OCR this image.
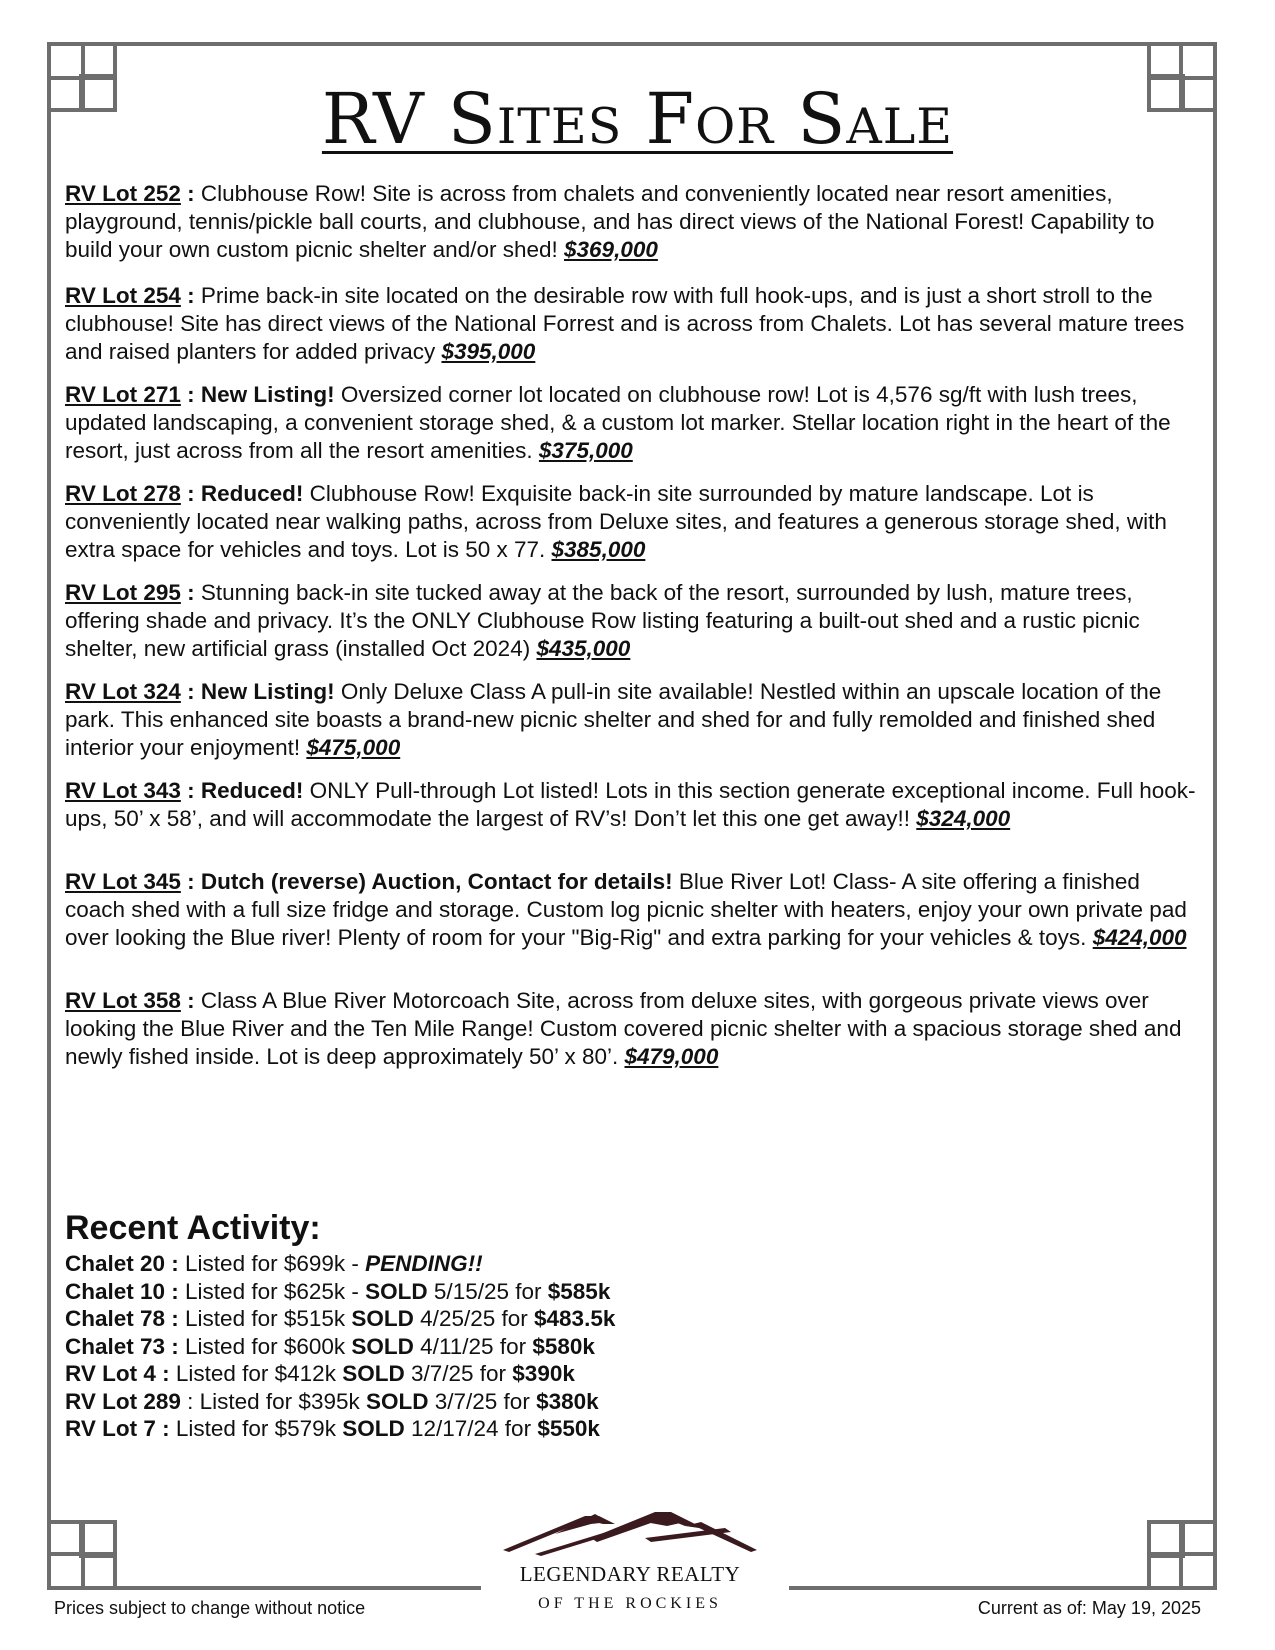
RV Sites For Sale

RV Lot 252 : Clubhouse Row! Site is across from chalets and conveniently located near resort amenities, playground, tennis/pickle ball courts, and clubhouse, and has direct views of the National Forest! Capability to build your own custom picnic shelter and/or shed! $369,000

RV Lot 254 : Prime back-in site located on the desirable row with full hook-ups, and is just a short stroll to the clubhouse! Site has direct views of the National Forrest and is across from Chalets. Lot has several mature trees and raised planters for added privacy $395,000

RV Lot 271 : New Listing! Oversized corner lot located on clubhouse row! Lot is 4,576 sg/ft with lush trees, updated landscaping, a convenient storage shed, & a custom lot marker. Stellar location right in the heart of the resort, just across from all the resort amenities. $375,000

RV Lot 278 : Reduced! Clubhouse Row! Exquisite back-in site surrounded by mature landscape. Lot is conveniently located near walking paths, across from Deluxe sites, and features a generous storage shed, with extra space for vehicles and toys. Lot is 50 x 77. $385,000

RV Lot 295 : Stunning back-in site tucked away at the back of the resort, surrounded by lush, mature trees, offering shade and privacy. It’s the ONLY Clubhouse Row listing featuring a built-out shed and a rustic picnic shelter, new artificial grass (installed Oct 2024) $435,000

RV Lot 324 : New Listing! Only Deluxe Class A pull-in site available! Nestled within an upscale location of the park. This enhanced site boasts a brand-new picnic shelter and shed for and fully remolded and finished shed interior your enjoyment! $475,000

RV Lot 343 : Reduced! ONLY Pull-through Lot listed! Lots in this section generate exceptional income. Full hook-ups, 50’ x 58’, and will accommodate the largest of RV’s! Don’t let this one get away!! $324,000

RV Lot 345 : Dutch (reverse) Auction, Contact for details! Blue River Lot! Class- A site offering a finished coach shed with a full size fridge and storage. Custom log picnic shelter with heaters, enjoy your own private pad over looking the Blue river! Plenty of room for your "Big-Rig" and extra parking for your vehicles & toys. $424,000

RV Lot 358 : Class A Blue River Motorcoach Site, across from deluxe sites, with gorgeous private views over looking the Blue River and the Ten Mile Range! Custom covered picnic shelter with a spacious storage shed and newly fished inside. Lot is deep approximately 50’ x 80’. $479,000

Recent Activity:
Chalet 20 : Listed for $699k - PENDING!!
Chalet 10 : Listed for $625k - SOLD 5/15/25 for $585k
Chalet 78 : Listed for $515k SOLD 4/25/25 for $483.5k
Chalet 73 : Listed for $600k SOLD 4/11/25 for $580k
RV Lot 4 : Listed for $412k SOLD 3/7/25 for $390k
RV Lot 289 : Listed for $395k SOLD 3/7/25 for $380k
RV Lot 7 : Listed for $579k SOLD 12/17/24 for $550k
LEGENDARY REALTY
OF THE ROCKIES
Prices subject to change without notice	Current as of: May 19, 2025
